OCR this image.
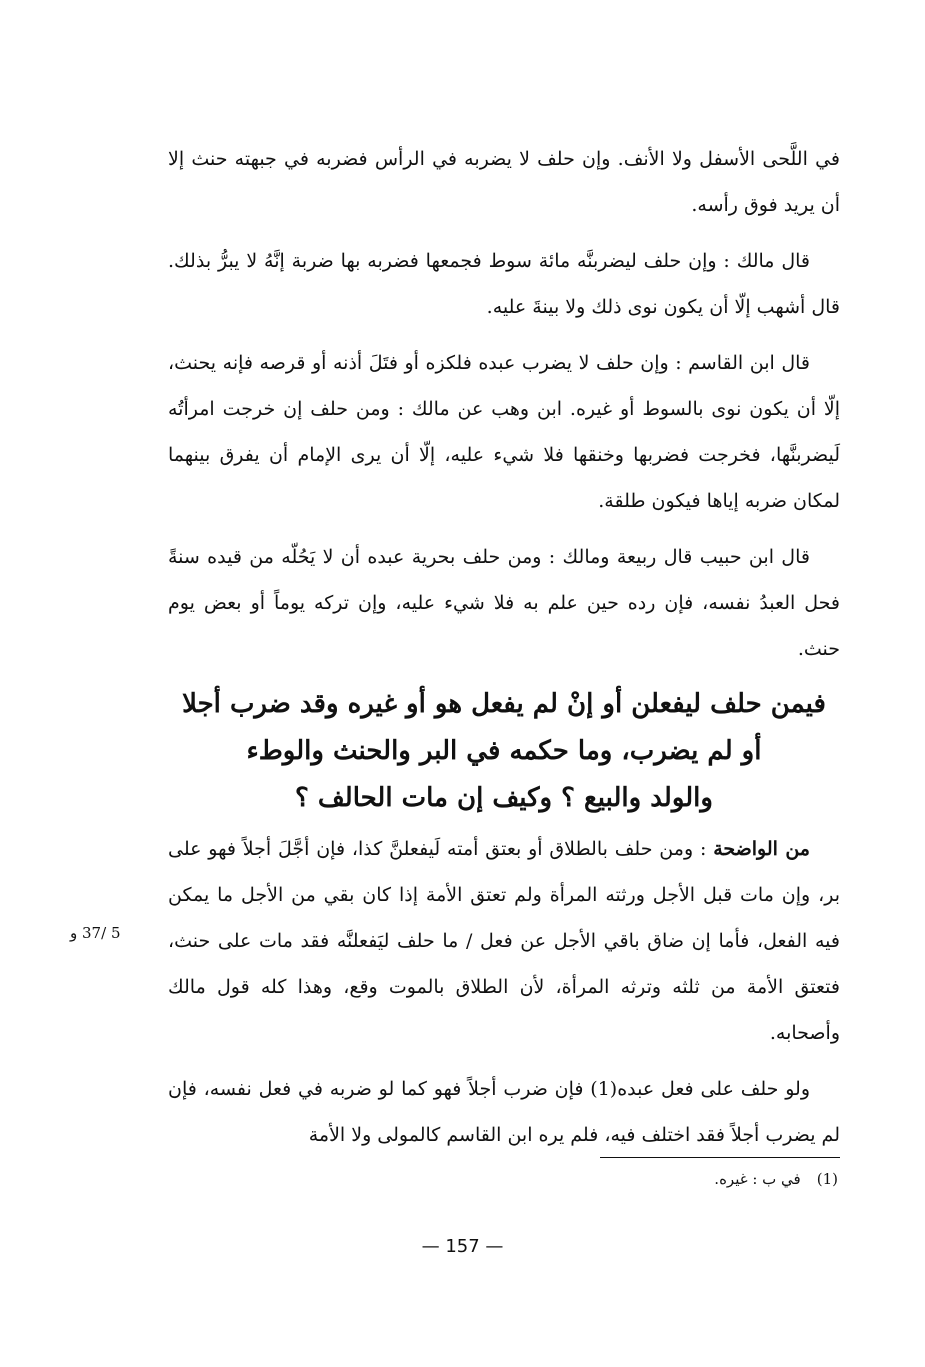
في اللَّحى الأسفل ولا الأنف. وإن حلف لا يضربه في الرأس فضربه في جبهته حنث إلا أن يريد فوق رأسه.

قال مالك : وإن حلف ليضربنَّه مائة سوط فجمعها فضربه بها ضربة إنَّهُ لا يبرُّ بذلك. قال أشهب إلّا أن يكون نوى ذلك ولا بينةَ عليه.

قال ابن القاسم : وإن حلف لا يضرب عبده فلكزه أو فتَلَ أذنه أو قرصه فإنه يحنث، إلّا أن يكون نوى بالسوط أو غيره. ابن وهب عن مالك : ومن حلف إن خرجت امرأتُه لَيضربنَّها، فخرجت فضربها وخنقها فلا شيء عليه، إلّا أن يرى الإمام أن يفرق بينهما لمكان ضربه إياها فيكون طلقة.

قال ابن حبيب قال ربيعة ومالك : ومن حلف بحرية عبده أن لا يَحُلّه من قيده سنةً فحل العبدُ نفسه، فإن رده حين علم به فلا شيء عليه، وإن تركه يوماً أو بعض يوم حنث.

فيمن حلف ليفعلن أو إنْ لم يفعل هو أو غيره وقد ضرب أجلا
أو لم يضرب، وما حكمه في البر والحنث والوطء
والولد والبيع ؟ وكيف إن مات الحالف ؟

من الواضحة : ومن حلف بالطلاق أو بعتق أمته لَيفعلنَّ كذا، فإن أجَّلَ أجلاً فهو على بر، وإن مات قبل الأجل ورثته المرأة ولم تعتق الأمة إذا كان بقي من الأجل ما يمكن فيه الفعل، فأما إن ضاق باقي الأجل عن فعل / ما حلف ليَفعلنَّه فقد مات على حنث، فتعتق الأمة من ثلثه وترثه المرأة، لأن الطلاق بالموت وقع، وهذا كله قول مالك وأصحابه.

ولو حلف على فعل عبده(1) فإن ضرب أجلاً فهو كما لو ضربه في فعل نفسه، فإن لم يضرب أجلاً فقد اختلف فيه، فلم يره ابن القاسم كالمولى ولا الأمة

5 /37 و
(1)في ب : غيره.
— 157 —
